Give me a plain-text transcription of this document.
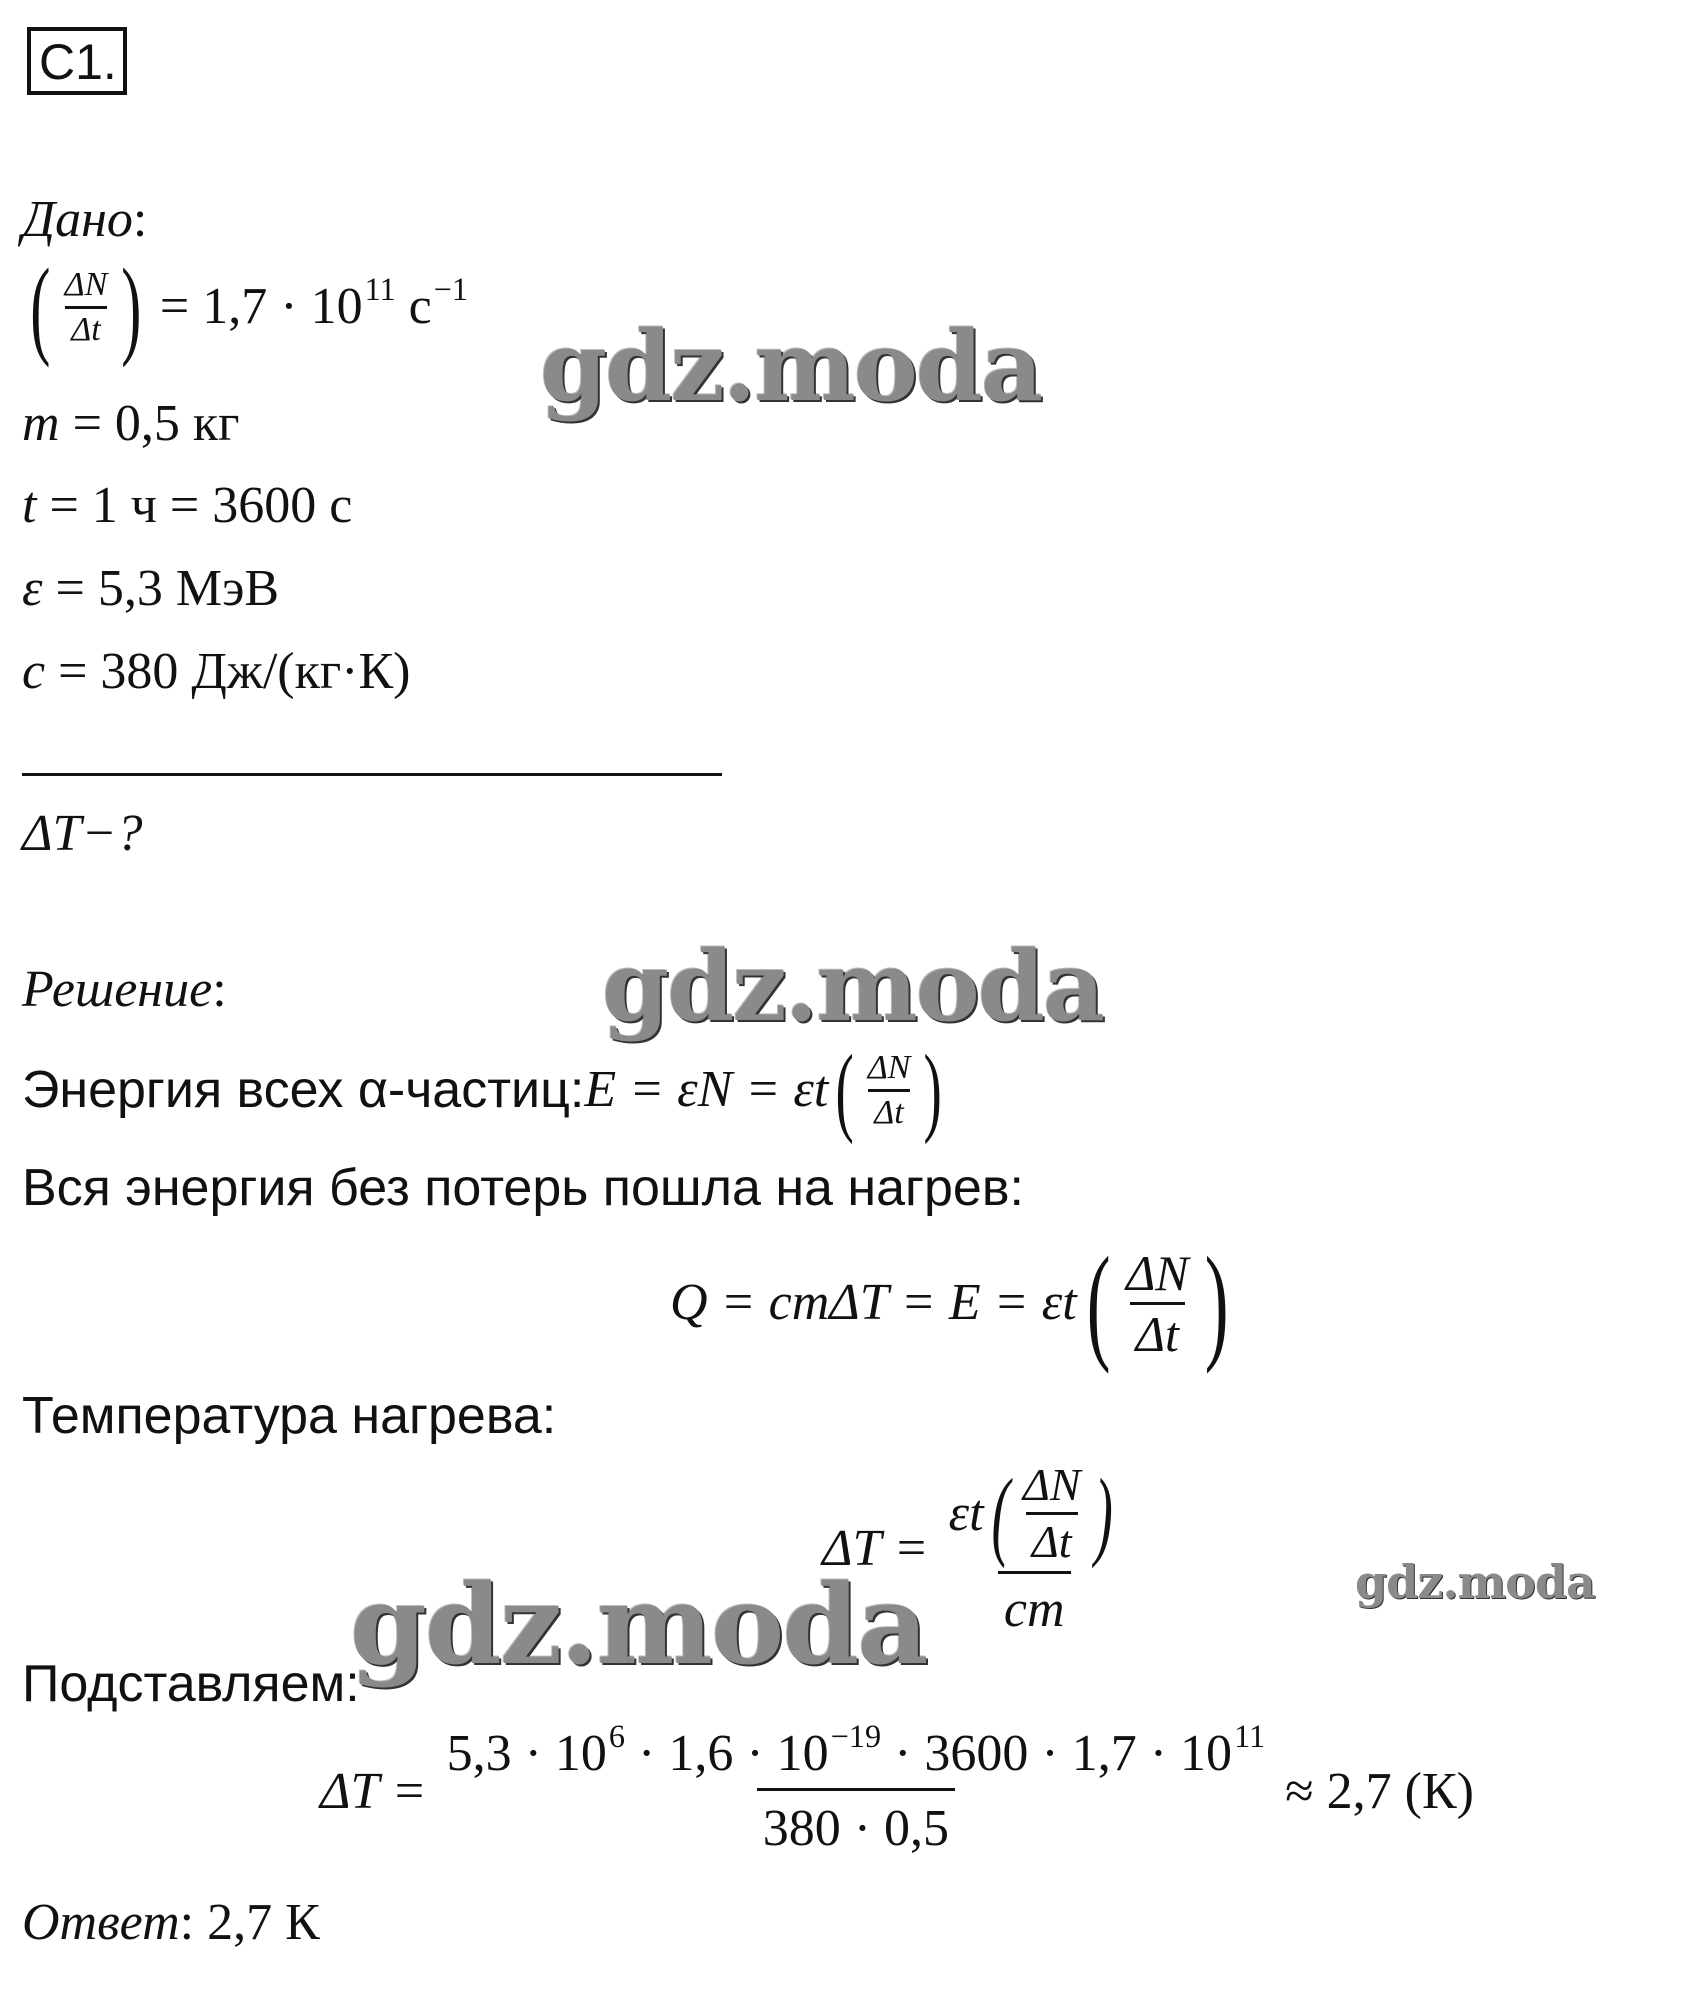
C1.
Дано:
( $\frac{\Delta N}{\Delta t}$ ) = $1,7 \cdot 10^{11}$ $с^{-1}$
m = 0,5 кг
t = 1 ч = 3600 с
ε = 5,3 МэВ
c = 380 Дж/(кг·К)
ΔT−?
Решение:
Энергия всех α-частиц: E = εN = εt ( $\frac{\Delta N}{\Delta t}$ )
Вся энергия без потерь пошла на нагрев:
Q = cmΔT = E = εt ( $\frac{\Delta N}{\Delta t}$ )
Температура нагрева:
$\Delta T = \frac{\varepsilon t ( \frac{\Delta N}{\Delta t} )}{cm}$
Подставляем:
$\Delta T = \frac{5,3 \cdot 10^6 \cdot 1,6 \cdot 10^{-19} \cdot 3600 \cdot 1,7 \cdot 10^{11}}{380 \cdot 0,5} \approx 2,7$ (К)
Ответ: 2,7 К
gdz.moda
gdz.moda
gdz.moda	gdz.moda
